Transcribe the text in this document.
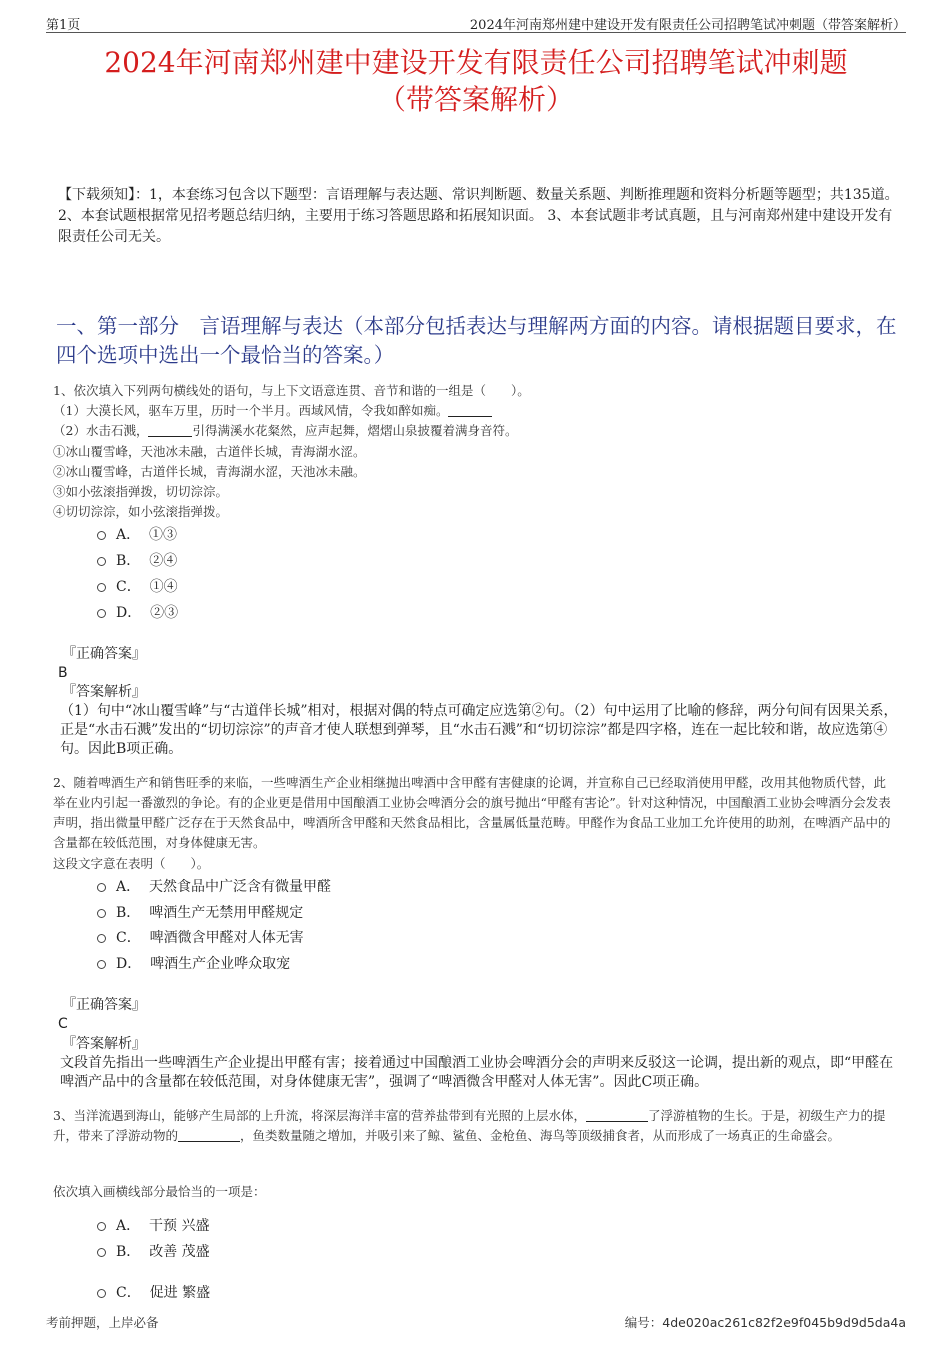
第1页	2024年河南郑州建中建设开发有限责任公司招聘笔试冲刺题（带答案解析）
2024年河南郑州建中建设开发有限责任公司招聘笔试冲刺题
（带答案解析）
【下载须知】：1，本套练习包含以下题型：言语理解与表达题、常识判断题、数量关系题、判断推理题和资料分析题等题型；共135道。 2、本套试题根据常见招考题总结归纳，主要用于练习答题思路和拓展知识面。 3、本套试题非考试真题，且与河南郑州建中建设开发有限责任公司无关。
一、第一部分　言语理解与表达（本部分包括表达与理解两方面的内容。请根据题目要求，在四个选项中选出一个最恰当的答案。）
1、依次填入下列两句横线处的语句，与上下文语意连贯、音节和谐的一组是（　　）。
（1）大漠长风，驱车万里，历时一个半月。西域风情，令我如醉如痴。
（2）水击石溅，	引得满溪水花粲然，应声起舞，熠熠山泉披覆着满身音符。
①冰山覆雪峰，天池冰未融，古道伴长城，青海湖水涩。
②冰山覆雪峰，古道伴长城，青海湖水涩，天池冰未融。
③如小弦滚指弹拨，切切淙淙。
④切切淙淙，如小弦滚指弹拨。
A． ①③
B． ②④
C． ①④
D． ②③
『正确答案』
B
『答案解析』
（1）句中“冰山覆雪峰”与“古道伴长城”相对，根据对偶的特点可确定应选第②句。（2）句中运用了比喻的修辞，两分句间有因果关系，正是“水击石溅”发出的“切切淙淙”的声音才使人联想到弹琴，且“水击石溅”和“切切淙淙”都是四字格，连在一起比较和谐，故应选第④句。因此B项正确。
2、随着啤酒生产和销售旺季的来临，一些啤酒生产企业相继抛出啤酒中含甲醛有害健康的论调，并宣称自己已经取消使用甲醛，改用其他物质代替，此举在业内引起一番激烈的争论。有的企业更是借用中国酿酒工业协会啤酒分会的旗号抛出“甲醛有害论”。针对这种情况，中国酿酒工业协会啤酒分会发表声明，指出微量甲醛广泛存在于天然食品中，啤酒所含甲醛和天然食品相比，含量属低量范畴。甲醛作为食品工业加工允许使用的助剂，在啤酒产品中的含量都在较低范围，对身体健康无害。
这段文字意在表明（　　）。
A． 天然食品中广泛含有微量甲醛
B． 啤酒生产无禁用甲醛规定
C． 啤酒微含甲醛对人体无害
D． 啤酒生产企业哗众取宠
『正确答案』
C
『答案解析』
文段首先指出一些啤酒生产企业提出甲醛有害；接着通过中国酿酒工业协会啤酒分会的声明来反驳这一论调，提出新的观点，即“甲醛在啤酒产品中的含量都在较低范围，对身体健康无害”，强调了“啤酒微含甲醛对人体无害”。因此C项正确。
3、当洋流遇到海山，能够产生局部的上升流，将深层海洋丰富的营养盐带到有光照的上层水体，	了浮游植物的生长。于是，初级生产力的提升，带来了浮游动物的	，鱼类数量随之增加，并吸引来了鲸、鲨鱼、金枪鱼、海鸟等顶级捕食者，从而形成了一场真正的生命盛会。
依次填入画横线部分最恰当的一项是：
A． 干预 兴盛
B． 改善 茂盛
C． 促进 繁盛
考前押题，上岸必备	编号：4de020ac261c82f2e9f045b9d9d5da4a
